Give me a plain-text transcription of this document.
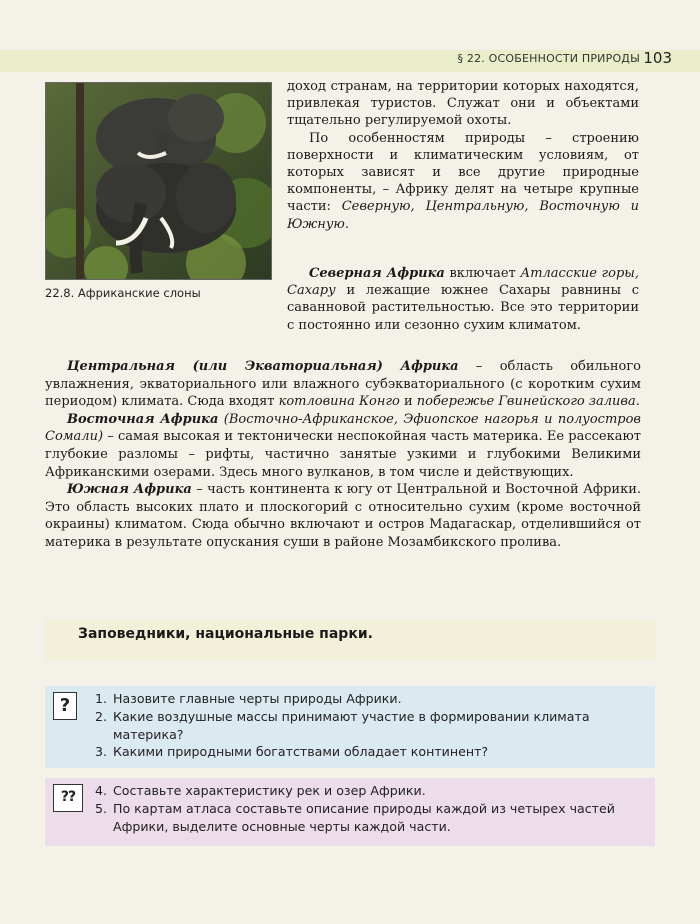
§ 22. ОСОБЕННОСТИ ПРИРОДЫ 103
22.8. Африканские слоны

доход странам, на территории которых находятся, привлекая туристов. Служат они и объектами тщательно регулируемой охоты.

По особенностям природы – строению поверхности и климатическим условиям, от которых зависят и все другие природные компоненты, – Африку делят на четыре крупные части: Северную, Центральную, Восточную и Южную.

Северная Африка включает Атласские горы, Сахару и лежащие южнее Сахары равнины с саванновой растительностью. Все это территории с постоянно или сезонно сухим климатом.

Центральная (или Экваториальная) Африка – область обильного увлажнения, экваториального или влажного субэкваториального (с коротким сухим периодом) климата. Сюда входят котловина Конго и побережье Гвинейского залива.

Восточная Африка (Восточно-Африканское, Эфиопское нагорья и полуостров Сомали) – самая высокая и тектонически неспокойная часть материка. Ее рассекают глубокие разломы – рифты, частично занятые узкими и глубокими Великими Африканскими озерами. Здесь много вулканов, в том числе и действующих.

Южная Африка – часть континента к югу от Центральной и Восточной Африки. Это область высоких плато и плоскогорий с относительно сухим (кроме восточной окраины) климатом. Сюда обычно включают и остров Мадагаскар, отделившийся от материка в результате опускания суши в районе Мозамбикского пролива.

Заповедники, национальные парки.
?	1. Назовите главные черты природы Африки.
2. Какие воздушные массы принимают участие в формировании климата материка?
3. Какими природными богатствами обладает континент?
??	4. Составьте характеристику рек и озер Африки.
5. По картам атласа составьте описание природы каждой из четырех частей Африки, выделите основные черты каждой части.
